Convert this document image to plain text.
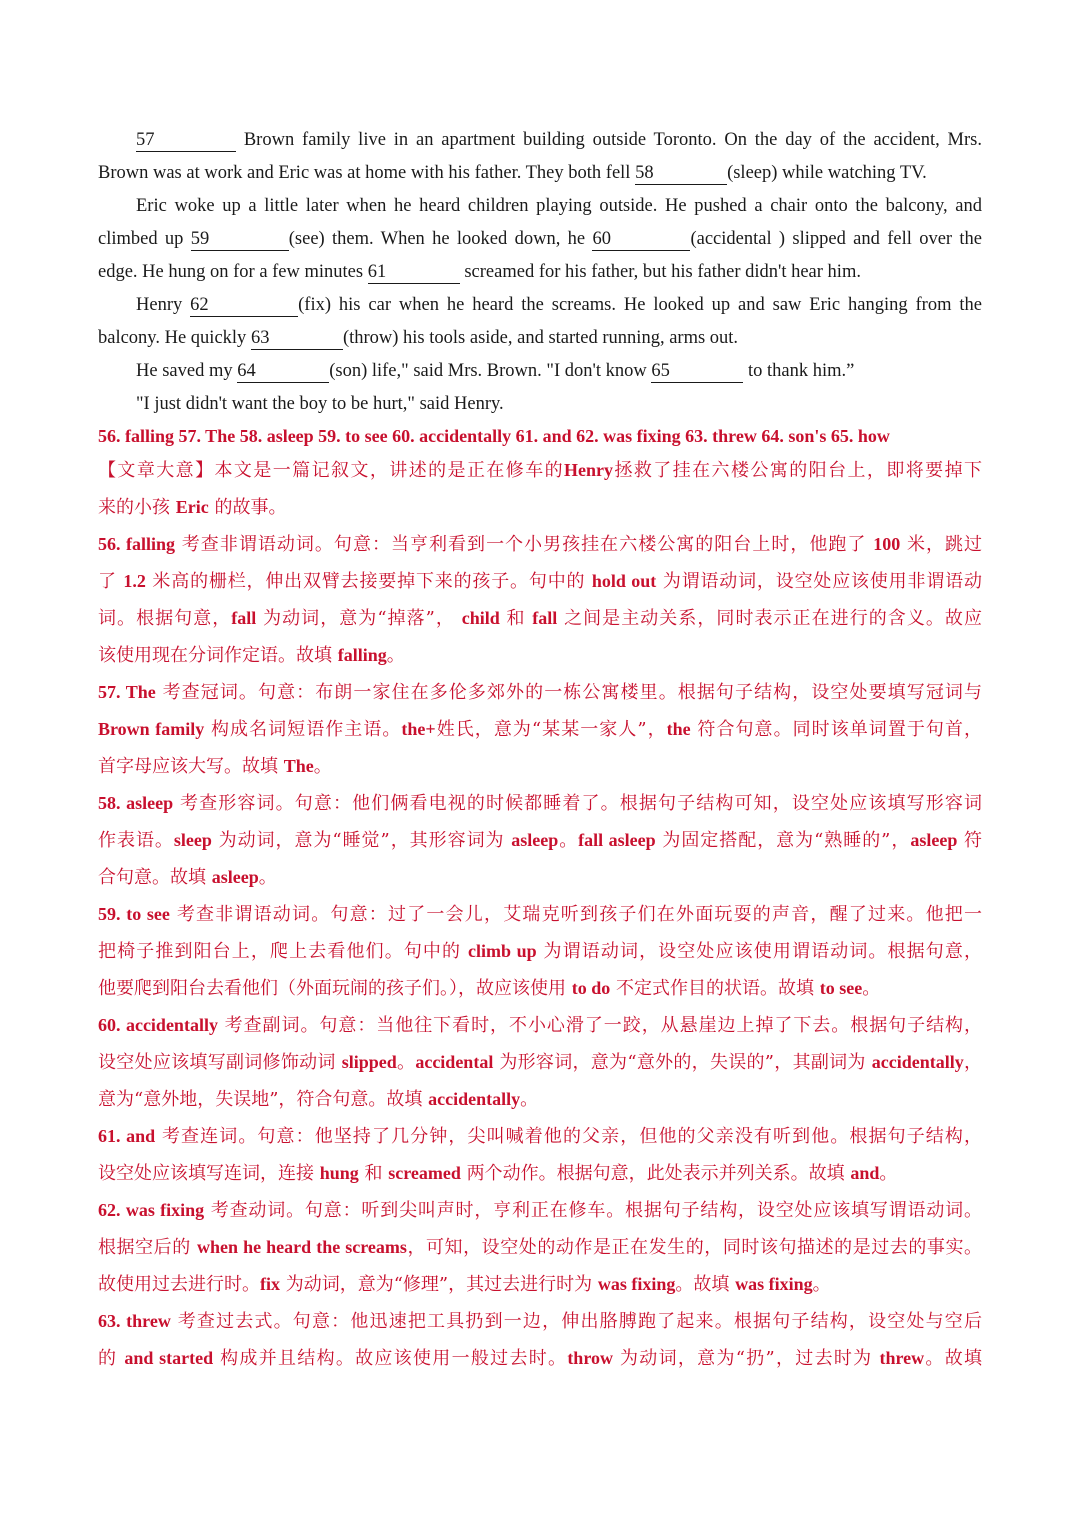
57	Brown family live in an apartment building outside Toronto. On the day of the accident, Mrs.
Brown was at work and Eric was at home with his father. They both fell 58	(sleep) while watching TV.
Eric woke up a little later when he heard children playing outside. He pushed a chair onto the balcony, and
climbed up 59	(see) them. When he looked down, he 60	(accidental ) slipped and fell over the
edge. He hung on for a few minutes 61	screamed for his father, but his father didn't hear him.
Henry 62	(fix) his car when he heard the screams. He looked up and saw Eric hanging from the
balcony. He quickly 63	(throw) his tools aside, and started running, arms out.
He saved my 64	(son) life," said Mrs. Brown. "I don't know 65	to thank him.”
"I just didn't want the boy to be hurt," said Henry.
56. falling 57. The 58. asleep 59. to see 60. accidentally 61. and 62. was fixing 63. threw 64. son's 65. how
【文章大意】本文是一篇记叙文，讲述的是正在修车的Henry拯救了挂在六楼公寓的阳台上，即将要掉下
来的小孩 Eric 的故事。
56. falling 考查非谓语动词。句意：当亨利看到一个小男孩挂在六楼公寓的阳台上时，他跑了 100 米，跳过
了 1.2 米高的栅栏，伸出双臂去接要掉下来的孩子。句中的 hold out 为谓语动词，设空处应该使用非谓语动
词。根据句意，fall 为动词，意为“掉落”， child 和 fall 之间是主动关系，同时表示正在进行的含义。故应
该使用现在分词作定语。故填 falling。
57. The 考查冠词。句意：布朗一家住在多伦多郊外的一栋公寓楼里。根据句子结构，设空处要填写冠词与
Brown family 构成名词短语作主语。the+姓氏，意为“某某一家人”，the 符合句意。同时该单词置于句首，
首字母应该大写。故填 The。
58. asleep 考查形容词。句意：他们俩看电视的时候都睡着了。根据句子结构可知，设空处应该填写形容词
作表语。sleep 为动词，意为“睡觉”，其形容词为 asleep。fall asleep 为固定搭配，意为“熟睡的”，asleep 符
合句意。故填 asleep。
59. to see 考查非谓语动词。句意：过了一会儿，艾瑞克听到孩子们在外面玩耍的声音，醒了过来。他把一
把椅子推到阳台上，爬上去看他们。句中的 climb up 为谓语动词，设空处应该使用谓语动词。根据句意，
他要爬到阳台去看他们（外面玩闹的孩子们。），故应该使用 to do 不定式作目的状语。故填 to see。
60. accidentally 考查副词。句意：当他往下看时，不小心滑了一跤，从悬崖边上掉了下去。根据句子结构，
设空处应该填写副词修饰动词 slipped。accidental 为形容词，意为“意外的，失误的”，其副词为 accidentally，
意为“意外地，失误地”，符合句意。故填 accidentally。
61. and 考查连词。句意：他坚持了几分钟，尖叫喊着他的父亲，但他的父亲没有听到他。根据句子结构，
设空处应该填写连词，连接 hung 和 screamed 两个动作。根据句意，此处表示并列关系。故填 and。
62. was fixing 考查动词。句意：听到尖叫声时，亨利正在修车。根据句子结构，设空处应该填写谓语动词。
根据空后的 when he heard the screams，可知，设空处的动作是正在发生的，同时该句描述的是过去的事实。
故使用过去进行时。fix 为动词，意为“修理”，其过去进行时为 was fixing。故填 was fixing。
63. threw 考查过去式。句意：他迅速把工具扔到一边，伸出胳膊跑了起来。根据句子结构，设空处与空后
的 and started 构成并且结构。故应该使用一般过去时。throw 为动词，意为“扔”，过去时为 threw。故填
